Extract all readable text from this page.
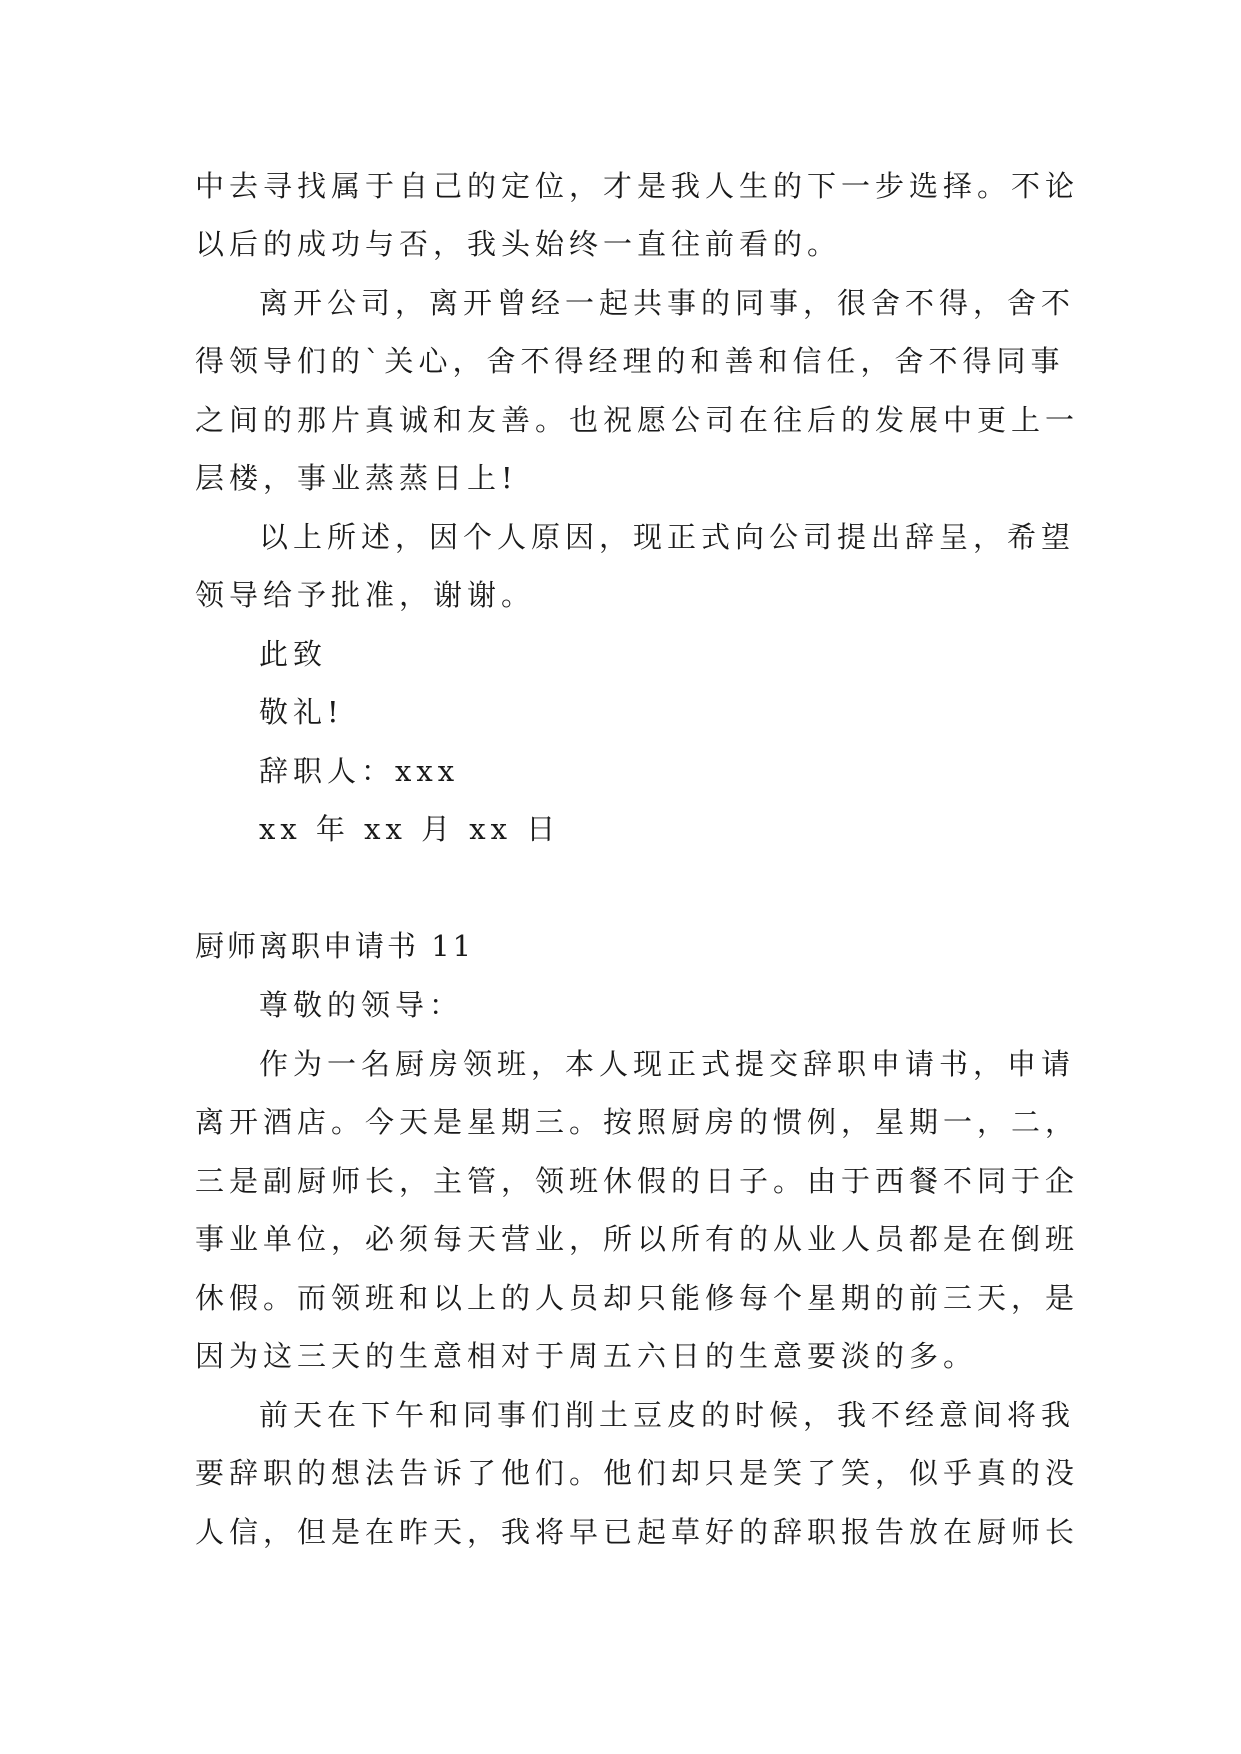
中去寻找属于自己的定位，才是我人生的下一步选择。不论
以后的成功与否，我头始终一直往前看的。
离开公司，离开曾经一起共事的同事，很舍不得，舍不
得领导们的`关心，舍不得经理的和善和信任，舍不得同事
之间的那片真诚和友善。也祝愿公司在往后的发展中更上一
层楼，事业蒸蒸日上!
以上所述，因个人原因，现正式向公司提出辞呈，希望
领导给予批准，谢谢。
此致
敬礼!
辞职人：xxx
xx 年 xx 月 xx 日
厨师离职申请书 11
尊敬的领导：
作为一名厨房领班，本人现正式提交辞职申请书，申请
离开酒店。今天是星期三。按照厨房的惯例，星期一，二，
三是副厨师长，主管，领班休假的日子。由于西餐不同于企
事业单位，必须每天营业，所以所有的从业人员都是在倒班
休假。而领班和以上的人员却只能修每个星期的前三天，是
因为这三天的生意相对于周五六日的生意要淡的多。
前天在下午和同事们削土豆皮的时候，我不经意间将我
要辞职的想法告诉了他们。他们却只是笑了笑，似乎真的没
人信，但是在昨天，我将早已起草好的辞职报告放在厨师长
